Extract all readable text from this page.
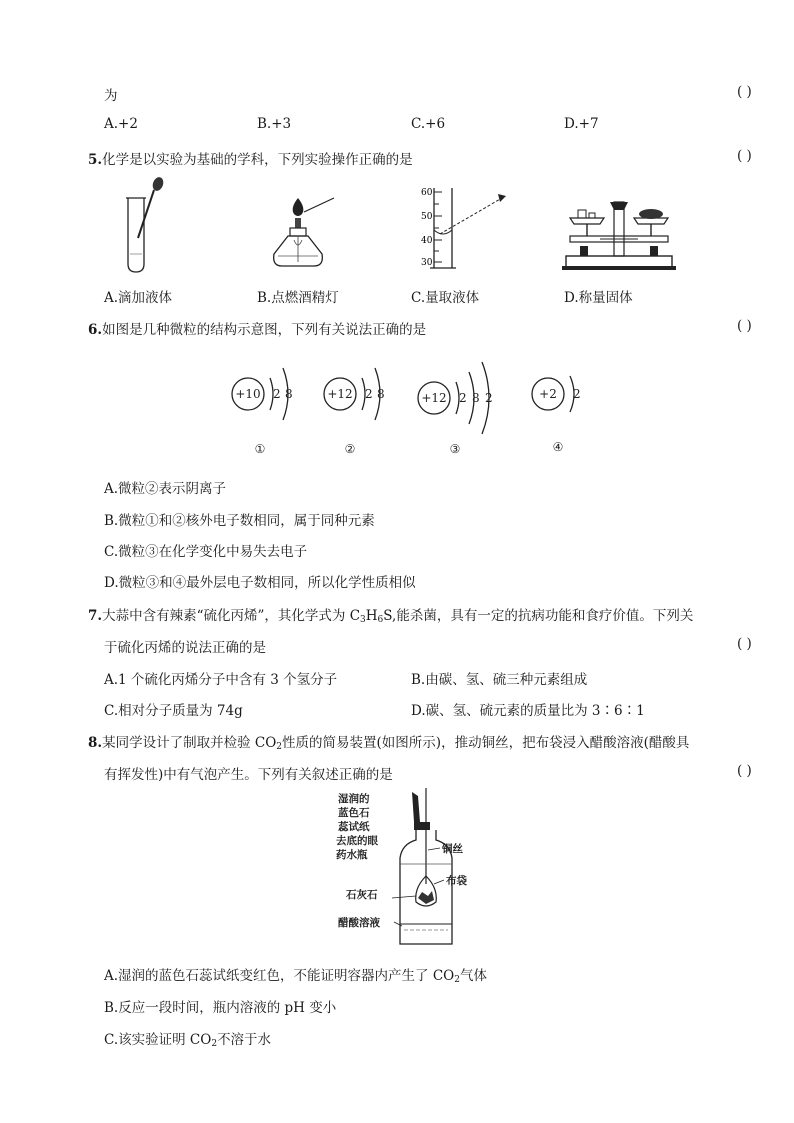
为	( )
A.+2	B.+3	C.+6	D.+7
5.化学是以实验为基础的学科，下列实验操作正确的是	( )
60
50
40
30
A.滴加液体	B.点燃酒精灯	C.量取液体	D.称量固体
6.如图是几种微粒的结构示意图，下列有关说法正确的是	( )
+10 2 8
①
+12 2 8
②
+12 2 8 2
③
+2 2
④
A.微粒②表示阴离子
B.微粒①和②核外电子数相同，属于同种元素
C.微粒③在化学变化中易失去电子
D.微粒③和④最外层电子数相同，所以化学性质相似
7.大蒜中含有辣素“硫化丙烯”，其化学式为 $C_3H_6S$,能杀菌，具有一定的抗病功能和食疗价值。下列关
于硫化丙烯的说法正确的是	( )
A.1 个硫化丙烯分子中含有 3 个氢分子	B.由碳、氢、硫三种元素组成
C.相对分子质量为 74g	D.碳、氢、硫元素的质量比为 3∶6∶1
8.某同学设计了制取并检验 $CO_2$性质的简易装置(如图所示)，推动铜丝，把布袋浸入醋酸溶液(醋酸具
有挥发性)中有气泡产生。下列有关叙述正确的是	( )
湿润的
蓝色石
蕊试纸
去底的眼
药水瓶	铜丝
布袋
石灰石
醋酸溶液
A.湿润的蓝色石蕊试纸变红色，不能证明容器内产生了 $CO_2$气体
B.反应一段时间，瓶内溶液的 pH 变小
C.该实验证明 $CO_2$不溶于水
